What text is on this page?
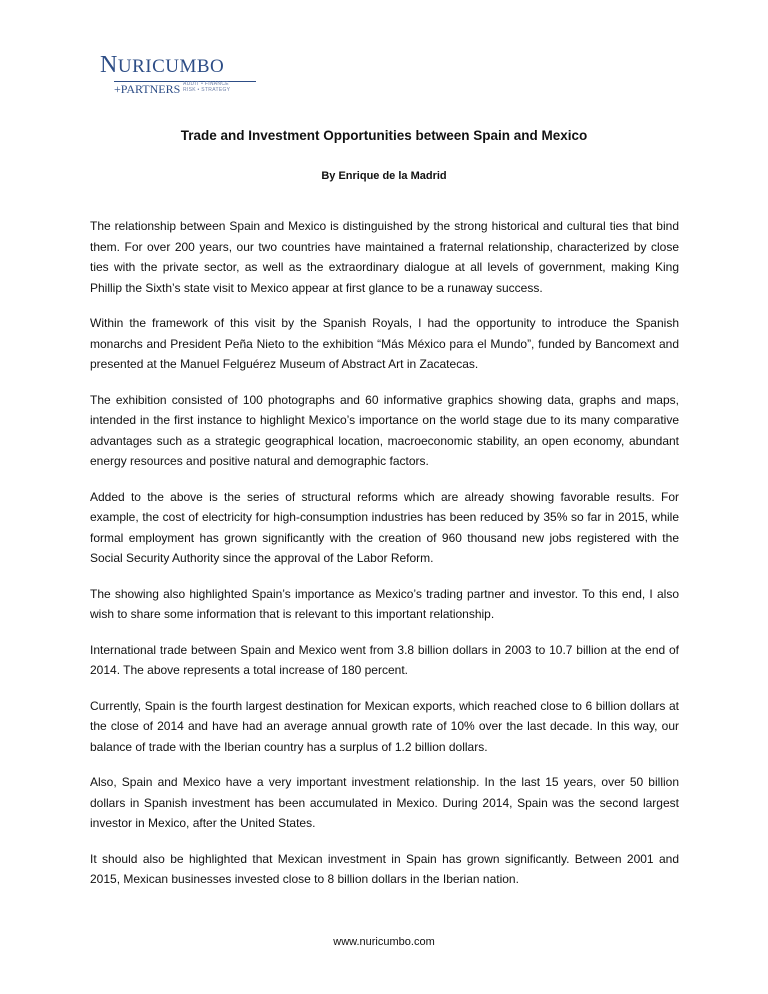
NURICUMBO
+PARTNERS AUDIT • FINANCE
RISK • STRATEGY
Trade and Investment Opportunities between Spain and Mexico
By Enrique de la Madrid

The relationship between Spain and Mexico is distinguished by the strong historical and cultural ties that bind them. For over 200 years, our two countries have maintained a fraternal relationship, characterized by close ties with the private sector, as well as the extraordinary dialogue at all levels of government, making King Phillip the Sixth’s state visit to Mexico appear at first glance to be a runaway success.

Within the framework of this visit by the Spanish Royals, I had the opportunity to introduce the Spanish monarchs and President Peña Nieto to the exhibition “Más México para el Mundo”, funded by Bancomext and presented at the Manuel Felguérez Museum of Abstract Art in Zacatecas.

The exhibition consisted of 100 photographs and 60 informative graphics showing data, graphs and maps, intended in the first instance to highlight Mexico’s importance on the world stage due to its many comparative advantages such as a strategic geographical location, macroeconomic stability, an open economy, abundant energy resources and positive natural and demographic factors.

Added to the above is the series of structural reforms which are already showing favorable results. For example, the cost of electricity for high-consumption industries has been reduced by 35% so far in 2015, while formal employment has grown significantly with the creation of 960 thousand new jobs registered with the Social Security Authority since the approval of the Labor Reform.

The showing also highlighted Spain’s importance as Mexico’s trading partner and investor. To this end, I also wish to share some information that is relevant to this important relationship.

International trade between Spain and Mexico went from 3.8 billion dollars in 2003 to 10.7 billion at the end of 2014. The above represents a total increase of 180 percent.

Currently, Spain is the fourth largest destination for Mexican exports, which reached close to 6 billion dollars at the close of 2014 and have had an average annual growth rate of 10% over the last decade. In this way, our balance of trade with the Iberian country has a surplus of 1.2 billion dollars.

Also, Spain and Mexico have a very important investment relationship. In the last 15 years, over 50 billion dollars in Spanish investment has been accumulated in Mexico. During 2014, Spain was the second largest investor in Mexico, after the United States.

It should also be highlighted that Mexican investment in Spain has grown significantly. Between 2001 and 2015, Mexican businesses invested close to 8 billion dollars in the Iberian nation.

www.nuricumbo.com
